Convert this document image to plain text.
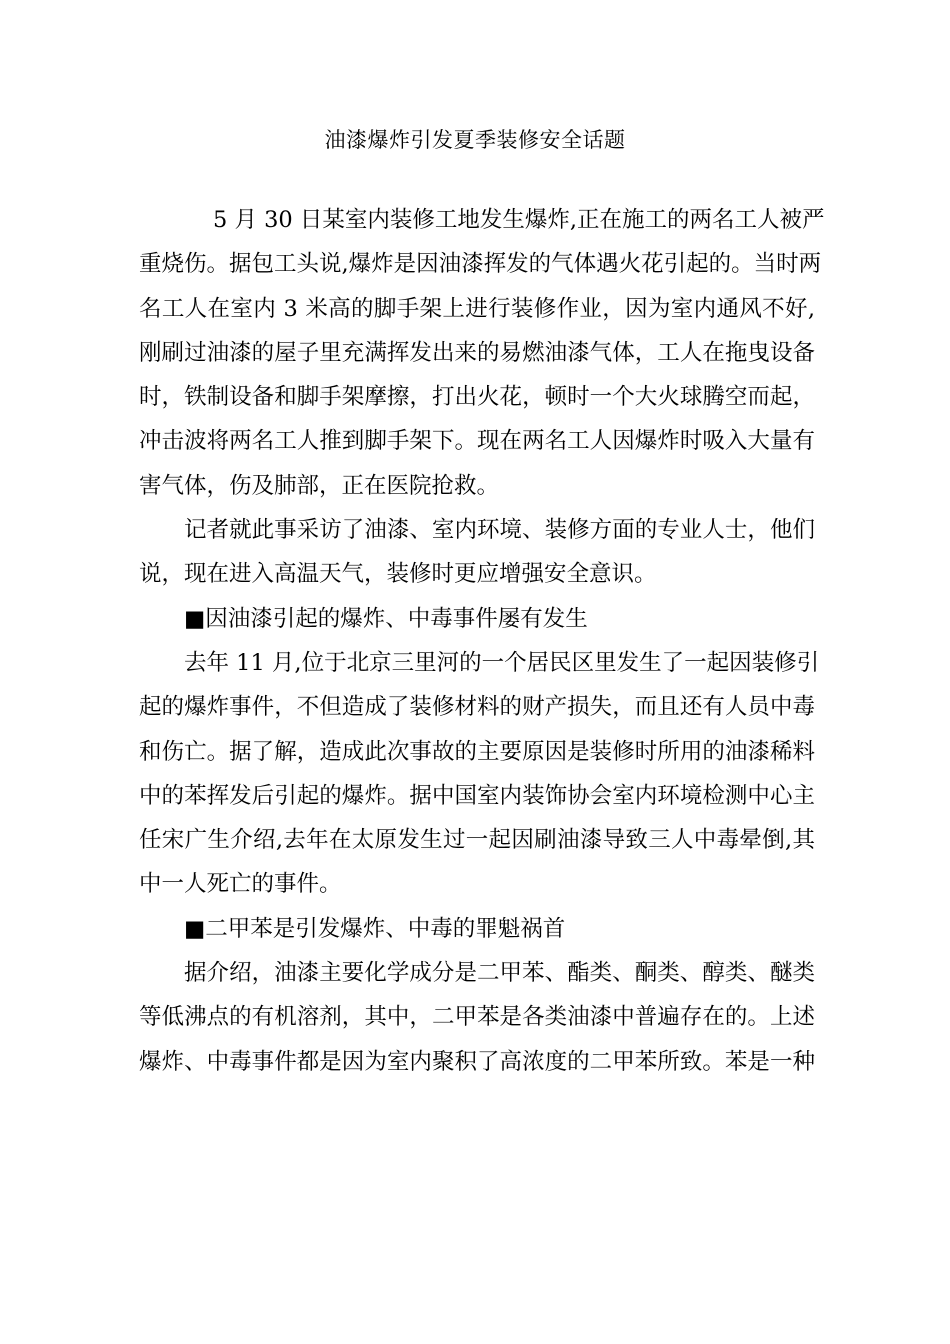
油漆爆炸引发夏季装修安全话题
5 月 30 日某室内装修工地发生爆炸,正在施工的两名工人被严
重烧伤。据包工头说,爆炸是因油漆挥发的气体遇火花引起的。当时两
名工人在室内 3 米高的脚手架上进行装修作业，因为室内通风不好,
刚刷过油漆的屋子里充满挥发出来的易燃油漆气体，工人在拖曳设备
时，铁制设备和脚手架摩擦，打出火花，顿时一个大火球腾空而起，
冲击波将两名工人推到脚手架下。现在两名工人因爆炸时吸入大量有
害气体，伤及肺部，正在医院抢救。
记者就此事采访了油漆、室内环境、装修方面的专业人士，他们
说，现在进入高温天气，装修时更应增强安全意识。
■因油漆引起的爆炸、中毒事件屡有发生
去年 11 月,位于北京三里河的一个居民区里发生了一起因装修引
起的爆炸事件，不但造成了装修材料的财产损失，而且还有人员中毒
和伤亡。据了解，造成此次事故的主要原因是装修时所用的油漆稀料
中的苯挥发后引起的爆炸。据中国室内装饰协会室内环境检测中心主
任宋广生介绍,去年在太原发生过一起因刷油漆导致三人中毒晕倒,其
中一人死亡的事件。
■二甲苯是引发爆炸、中毒的罪魁祸首
据介绍，油漆主要化学成分是二甲苯、酯类、酮类、醇类、醚类
等低沸点的有机溶剂，其中，二甲苯是各类油漆中普遍存在的。上述
爆炸、中毒事件都是因为室内聚积了高浓度的二甲苯所致。苯是一种
